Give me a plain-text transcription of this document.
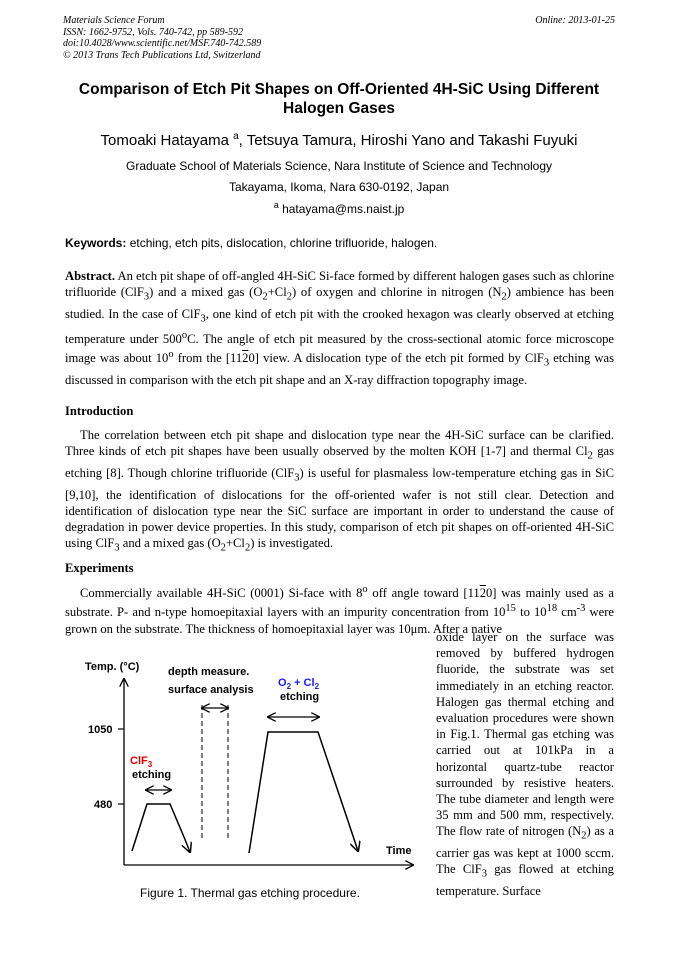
Materials Science Forum
ISSN: 1662-9752, Vols. 740-742, pp 589-592
doi:10.4028/www.scientific.net/MSF.740-742.589
© 2013 Trans Tech Publications Ltd, Switzerland
Online: 2013-01-25
Comparison of Etch Pit Shapes on Off-Oriented 4H-SiC Using Different
Halogen Gases
Tomoaki Hatayama $^a$, Tetsuya Tamura, Hiroshi Yano and Takashi Fuyuki
Graduate School of Materials Science, Nara Institute of Science and Technology
Takayama, Ikoma, Nara 630-0192, Japan
$^a$ hatayama@ms.naist.jp
Keywords: etching, etch pits, dislocation, chlorine trifluoride, halogen.
Abstract. An etch pit shape of off-angled 4H-SiC Si-face formed by different halogen gases such as chlorine trifluoride (ClF$_3$) and a mixed gas $(O_2+Cl_2)$ of oxygen and chlorine in nitrogen $(N_2)$ ambience has been studied. In the case of ClF$_3$, one kind of etch pit with the crooked hexagon was clearly observed at etching temperature under 500$^o$C. The angle of etch pit measured by the cross-sectional atomic force microscope image was about 10$^o$ from the [1120] view. A dislocation type of the etch pit formed by ClF$_3$ etching was discussed in comparison with the etch pit shape and an X-ray diffraction topography image.
Introduction
The correlation between etch pit shape and dislocation type near the 4H-SiC surface can be clarified. Three kinds of etch pit shapes have been usually observed by the molten KOH [1-7] and thermal $Cl_2$ gas etching [8]. Though chlorine trifluoride (ClF$_3$) is useful for plasmaless low-temperature etching gas in SiC [9,10], the identification of dislocations for the off-oriented wafer is not still clear. Detection and identification of dislocation type near the SiC surface are important in order to understand the cause of degradation in power device properties. In this study, comparison of etch pit shapes on off-oriented 4H-SiC using ClF$_3$ and a mixed gas $(O_2+Cl_2)$ is investigated.
Experiments
Commercially available 4H-SiC (0001) Si-face with 8$^o$ off angle toward [1120] was mainly used as a substrate. P- and n-type homoepitaxial layers with an impurity concentration from $10^{15}$ to $10^{18}$ $cm^{-3}$ were grown on the substrate. The thickness of homoepitaxial layer was 10μm. After a native
oxide layer on the surface was removed by buffered hydrogen fluoride, the substrate was set immediately in an etching reactor. Halogen gas thermal etching and evaluation procedures were shown in Fig.1. Thermal gas etching was carried out at 101kPa in a horizontal quartz-tube reactor surrounded by resistive heaters. The tube diameter and length were 35 mm and 500 mm, respectively. The flow rate of nitrogen $(N_2)$ as a carrier gas was kept at 1000 sccm. The ClF$_3$ gas flowed at etching temperature. Surface
Temp. (°C)
1050
480
Time
ClF$_3$
etching
depth measure.
surface analysis
$O_2 + Cl_2$
etching
Figure 1. Thermal gas etching procedure.
